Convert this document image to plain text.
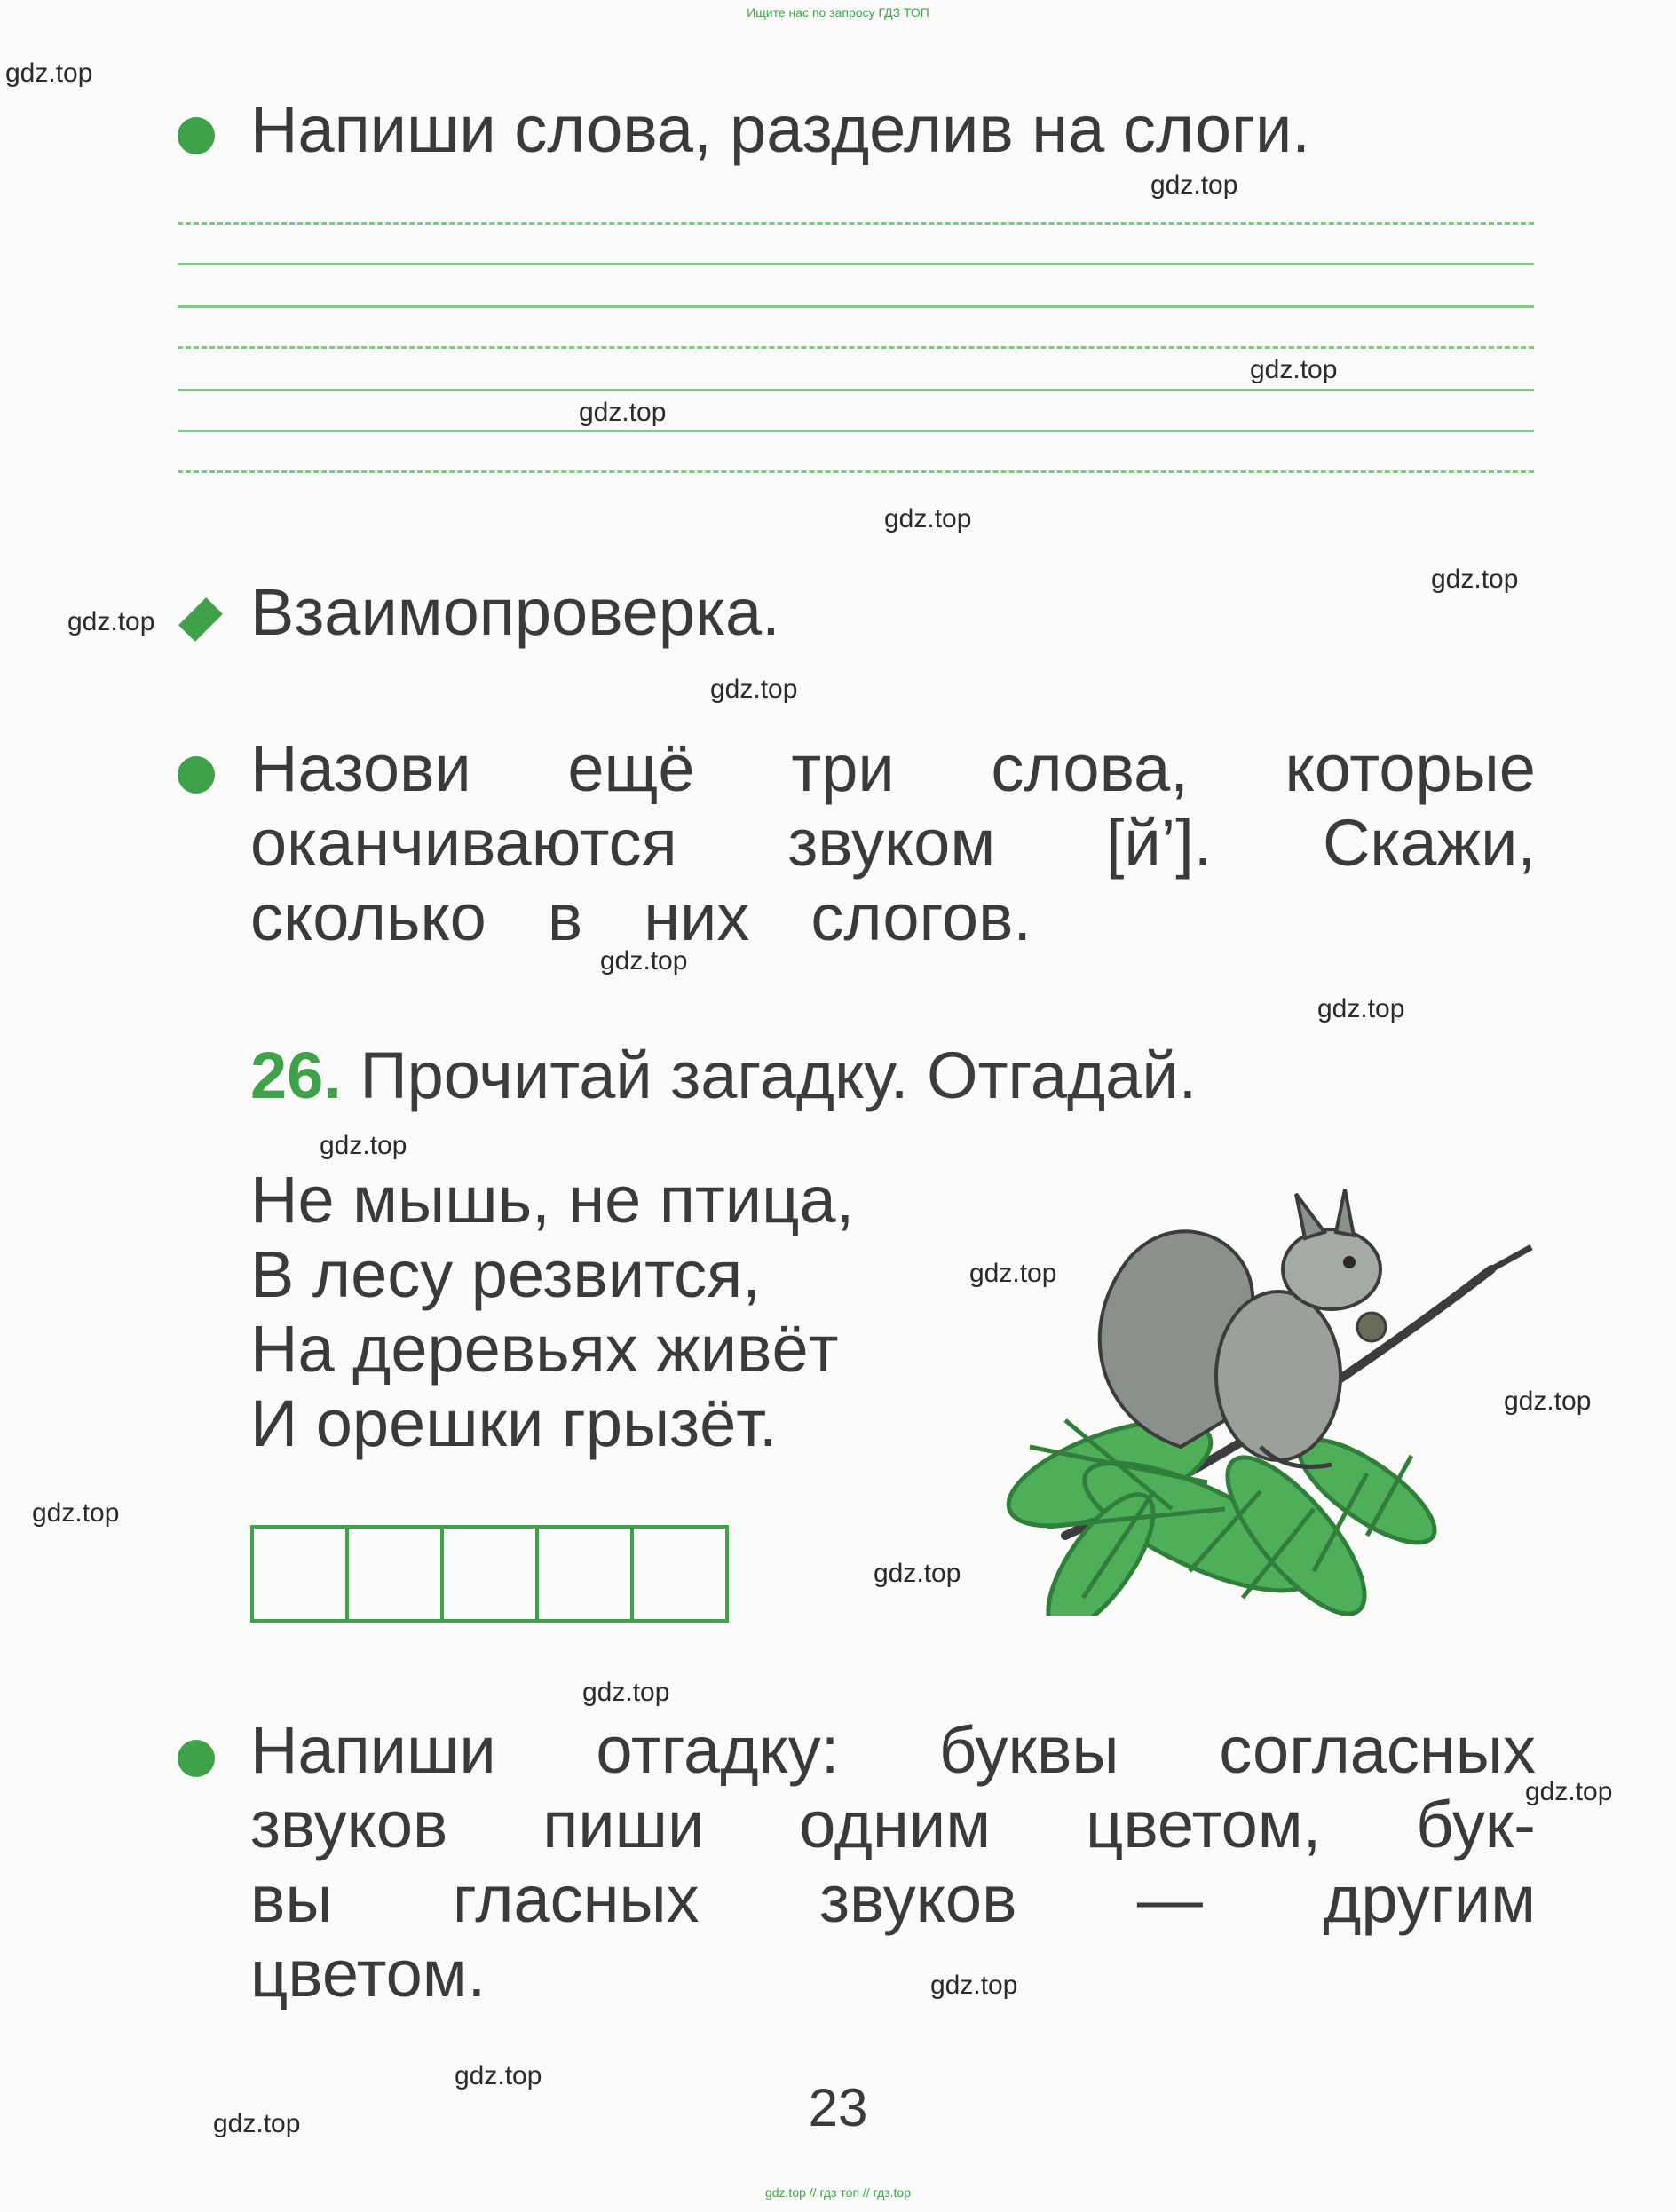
Ищите нас по запросу ГДЗ ТОП
gdz.top // гдз топ // гдз.top
Напиши слова, разделив на слоги.
Взаимопроверка.
Назови ещё три слова, которые
оканчиваются звуком [й’]. Скажи,
сколько в них слогов.
26. Прочитай загадку. Отгадай.
Не мышь, не птица,
В лесу резвится,
На деревьях живёт
И орешки грызёт.
Напиши отгадку: буквы согласных
звуков пиши одним цветом, бук-
вы гласных звуков — другим
цветом.
23
gdz.top
gdz.top
gdz.top
gdz.top
gdz.top
gdz.top
gdz.top
gdz.top
gdz.top
gdz.top
gdz.top
gdz.top
gdz.top
gdz.top
gdz.top
gdz.top
gdz.top
gdz.top
gdz.top
gdz.top
